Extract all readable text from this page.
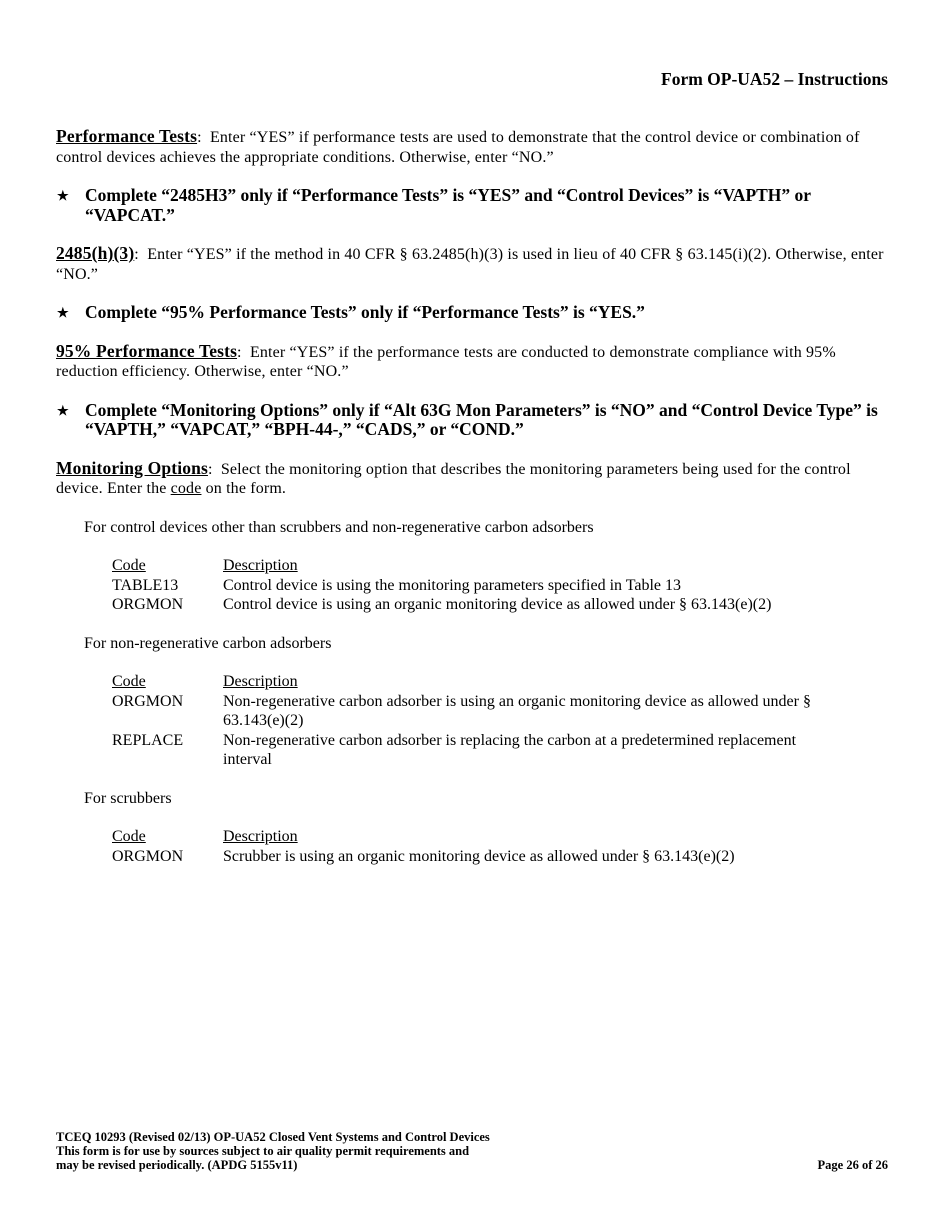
Form OP-UA52 – Instructions

Performance Tests:  Enter “YES” if performance tests are used to demonstrate that the control device or combination of control devices achieves the appropriate conditions. Otherwise, enter “NO.”

★ Complete “2485H3” only if “Performance Tests” is “YES” and “Control Devices” is “VAPTH” or “VAPCAT.”

2485(h)(3):  Enter “YES” if the method in 40 CFR § 63.2485(h)(3) is used in lieu of 40 CFR § 63.145(i)(2). Otherwise, enter “NO.”

★ Complete “95% Performance Tests” only if “Performance Tests” is “YES.”

95% Performance Tests:  Enter “YES” if the performance tests are conducted to demonstrate compliance with 95% reduction efficiency. Otherwise, enter “NO.”

★ Complete “Monitoring Options” only if “Alt 63G Mon Parameters” is “NO” and “Control Device Type” is “VAPTH,” “VAPCAT,” “BPH-44-,” “CADS,” or “COND.”

Monitoring Options:  Select the monitoring option that describes the monitoring parameters being used for the control device. Enter the code on the form.

For control devices other than scrubbers and non-regenerative carbon adsorbers

Code	Description
TABLE13	Control device is using the monitoring parameters specified in Table 13
ORGMON	Control device is using an organic monitoring device as allowed under § 63.143(e)(2)

For non-regenerative carbon adsorbers

Code	Description
ORGMON	Non-regenerative carbon adsorber is using an organic monitoring device as allowed under § 63.143(e)(2)
REPLACE	Non-regenerative carbon adsorber is replacing the carbon at a predetermined replacement interval

For scrubbers

Code	Description
ORGMON	Scrubber is using an organic monitoring device as allowed under § 63.143(e)(2)
TCEQ 10293 (Revised 02/13) OP-UA52 Closed Vent Systems and Control Devices
This form is for use by sources subject to air quality permit requirements and
may be revised periodically. (APDG 5155v11)	Page 26 of 26
